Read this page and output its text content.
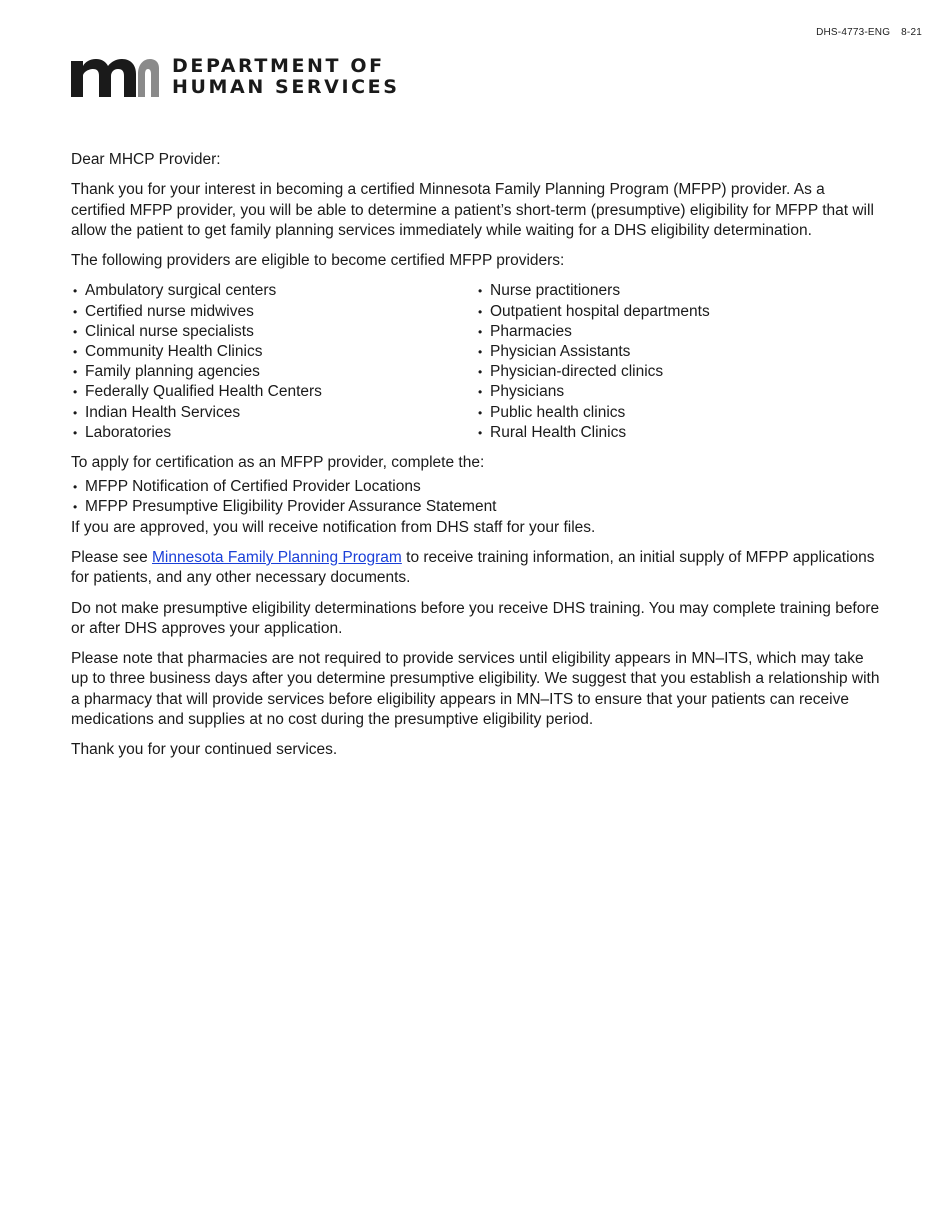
DHS-4773-ENG 8-21
DEPARTMENT OF
HUMAN SERVICES

Dear MHCP Provider:

Thank you for your interest in becoming a certified Minnesota Family Planning Program (MFPP) provider. As a certified MFPP provider, you will be able to determine a patient’s short-term (presumptive) eligibility for MFPP that will allow the patient to get family planning services immediately while waiting for a DHS eligibility determination.

The following providers are eligible to become certified MFPP providers:

• Ambulatory surgical centers
• Certified nurse midwives
• Clinical nurse specialists
• Community Health Clinics
• Family planning agencies
• Federally Qualified Health Centers
• Indian Health Services
• Laboratories
• Nurse practitioners
• Outpatient hospital departments
• Pharmacies
• Physician Assistants
• Physician-directed clinics
• Physicians
• Public health clinics
• Rural Health Clinics

To apply for certification as an MFPP provider, complete the:

• MFPP Notification of Certified Provider Locations
• MFPP Presumptive Eligibility Provider Assurance Statement

If you are approved, you will receive notification from DHS staff for your files.

Please see Minnesota Family Planning Program to receive training information, an initial supply of MFPP applications for patients, and any other necessary documents.

Do not make presumptive eligibility determinations before you receive DHS training. You may complete training before or after DHS approves your application.

Please note that pharmacies are not required to provide services until eligibility appears in MN–ITS, which may take up to three business days after you determine presumptive eligibility. We suggest that you establish a relationship with a pharmacy that will provide services before eligibility appears in MN–ITS to ensure that your patients can receive medications and supplies at no cost during the presumptive eligibility period.

Thank you for your continued services.
